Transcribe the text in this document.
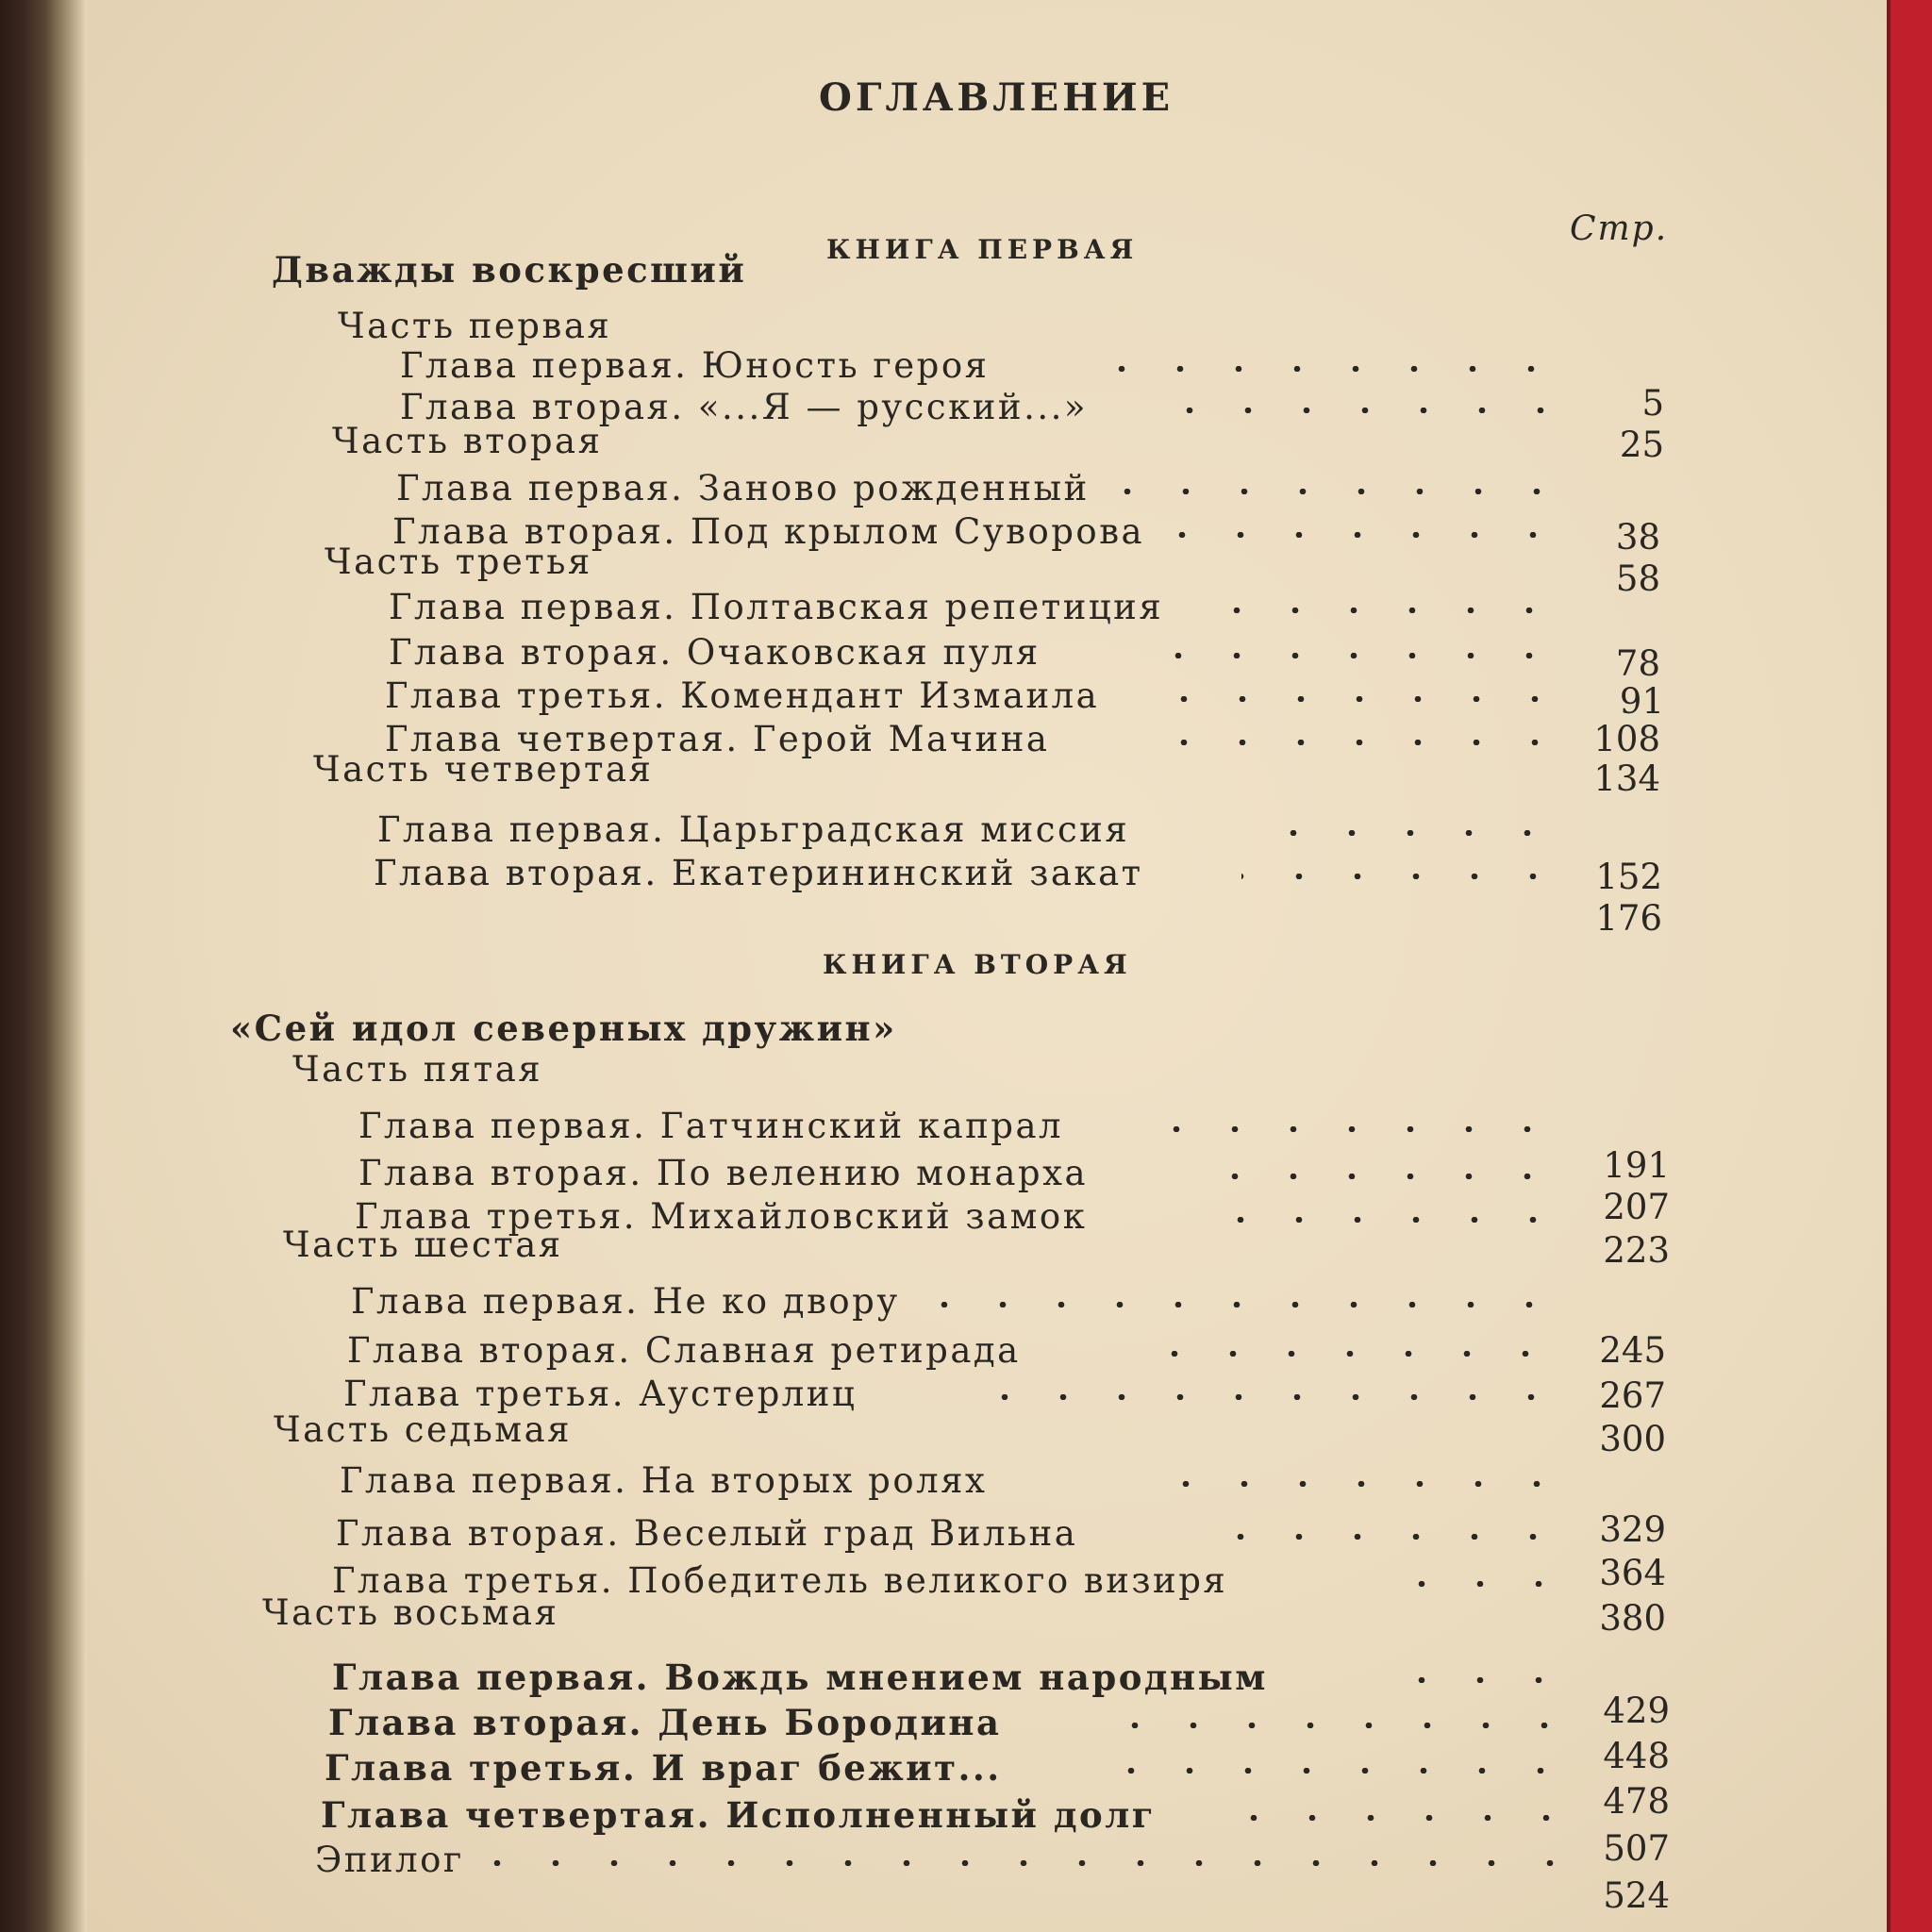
ОГЛАВЛЕНИЕ
КНИГА ПЕРВАЯ
Стр.
КНИГА ВТОРАЯ
Дважды воскресший
Часть первая
Глава первая. Юность героя
5
Глава вторая. «...Я — русский...»
25
Часть вторая
Глава первая. Заново рожденный
38
Глава вторая. Под крылом Суворова
58
Часть третья
Глава первая. Полтавская репетиция
78
Глава вторая. Очаковская пуля
91
Глава третья. Комендант Измаила
108
Глава четвертая. Герой Мачина
134
Часть четвертая
Глава первая. Царьградская миссия
152
Глава вторая. Екатерининский закат
176
«Сей идол северных дружин»
Часть пятая
Глава первая. Гатчинский капрал
191
Глава вторая. По велению монарха
207
Глава третья. Михайловский замок
223
Часть шестая
Глава первая. Не ко двору
245
Глава вторая. Славная ретирада
267
Глава третья. Аустерлиц
300
Часть седьмая
Глава первая. На вторых ролях
329
Глава вторая. Веселый град Вильна
364
Глава третья. Победитель великого визиря
380
Часть восьмая
Глава первая. Вождь мнением народным
429
Глава вторая. День Бородина
448
Глава третья. И враг бежит...
478
Глава четвертая. Исполненный долг
507
Эпилог
524
